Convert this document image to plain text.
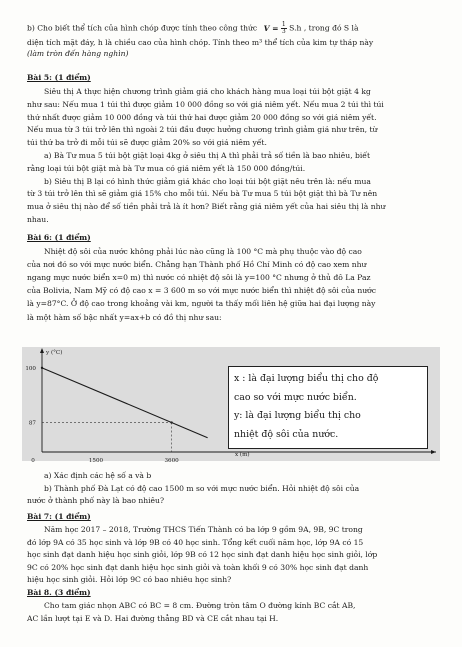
b) Cho biết thể tích của hình chóp được tính theo công thức $V = \frac{1}{3} S.h$ , trong đó S là
diện tích mặt đáy, h là chiều cao của hình chóp. Tính theo m³ thể tích của kim tự tháp này
(làm tròn đến hàng nghìn)
Bài 5: (1 điểm)
Siêu thị A thực hiện chương trình giảm giá cho khách hàng mua loại túi bột giặt 4 kg
như sau: Nếu mua 1 túi thì được giảm 10 000 đồng so với giá niêm yết. Nếu mua 2 túi thì túi
thứ nhất được giảm 10 000 đồng và túi thứ hai được giảm 20 000 đồng so với giá niêm yết.
Nếu mua từ 3 túi trở lên thì ngoài 2 túi đầu được hưởng chương trình giảm giá như trên, từ
túi thứ ba trở đi mỗi túi sẽ được giảm 20% so với giá niêm yết.
a) Bà Tư mua 5 túi bột giặt loại 4kg ở siêu thị A thì phải trả số tiền là bao nhiêu, biết
rằng loại túi bột giặt mà bà Tư mua có giá niêm yết là 150 000 đồng/túi.
b) Siêu thị B lại có hình thức giảm giá khác cho loại túi bột giặt nêu trên là: nếu mua
từ 3 túi trở lên thì sẽ giảm giá 15% cho mỗi túi. Nếu bà Tư mua 5 túi bột giặt thì bà Tư nên
mua ở siêu thị nào để số tiền phải trả là ít hơn? Biết rằng giá niêm yết của hai siêu thị là như
nhau.
Bài 6: (1 điểm)
Nhiệt độ sôi của nước không phải lúc nào cũng là 100 °C mà phụ thuộc vào độ cao
của nơi đó so với mực nước biển. Chẳng hạn Thành phố Hồ Chí Minh có độ cao xem như
ngang mực nước biển x=0 m) thì nước có nhiệt độ sôi là y=100 °C nhưng ở thủ đô La Paz
của Bolivia, Nam Mỹ có độ cao x = 3 600 m so với mực nước biển thì nhiệt độ sôi của nước
là y=87°C. Ở độ cao trong khoảng vài km, người ta thấy mối liên hệ giữa hai đại lượng này
là một hàm số bậc nhất y=ax+b có đồ thị như sau:
100
87
0	1500	3600
y (°C)
x (m)
x : là đại lượng biểu thị cho độ
cao so với mực nước biển.
y: là đại lượng biểu thị cho
nhiệt độ sôi của nước.
a) Xác định các hệ số a và b
b) Thành phố Đà Lạt có độ cao 1500 m so với mực nước biển. Hỏi nhiệt độ sôi của
nước ở thành phố này là bao nhiêu?
Bài 7: (1 điểm)
Năm học 2017 – 2018, Trường THCS Tiến Thành có ba lớp 9 gồm 9A, 9B, 9C trong
đó lớp 9A có 35 học sinh và lớp 9B có 40 học sinh. Tổng kết cuối năm học, lớp 9A có 15
học sinh đạt danh hiệu học sinh giỏi, lớp 9B có 12 học sinh đạt danh hiệu học sinh giỏi, lớp
9C có 20% học sinh đạt danh hiệu học sinh giỏi và toàn khối 9 có 30% học sinh đạt danh
hiệu học sinh giỏi. Hỏi lớp 9C có bao nhiêu học sinh?
Bài 8. (3 điểm)
Cho tam giác nhọn ABC có BC = 8 cm. Đường tròn tâm O đường kính BC cắt AB,
AC lần lượt tại E và D. Hai đường thẳng BD và CE cắt nhau tại H.
